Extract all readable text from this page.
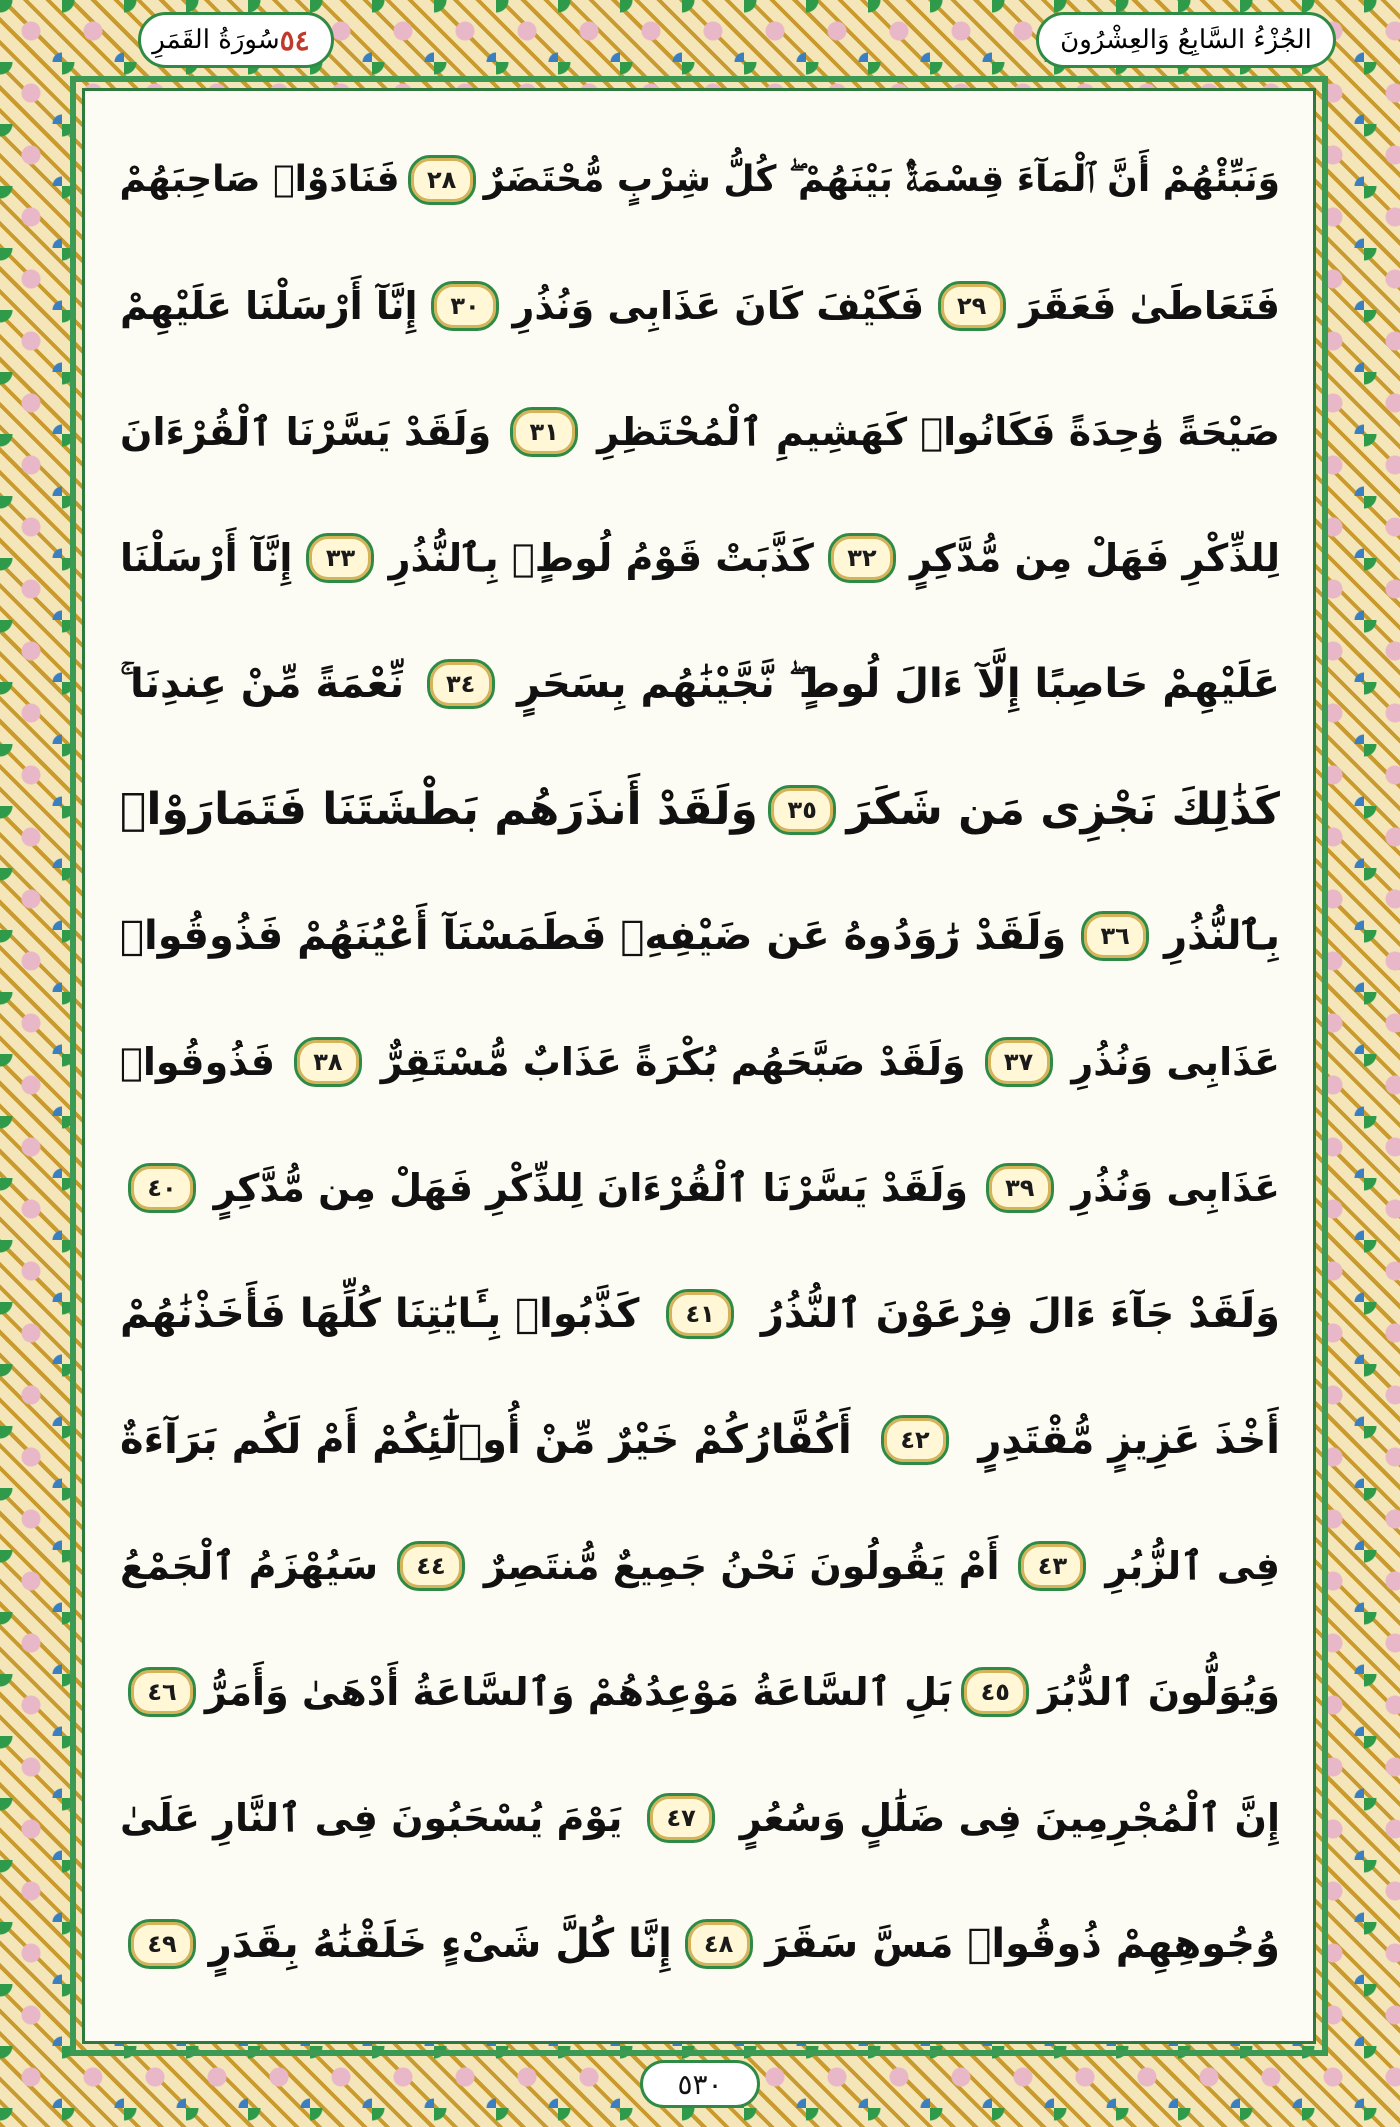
الجُزْءُ السَّابِعُ وَالعِشْرُونَ
سُورَةُ القَمَرِ ٥٤
وَنَبِّئْهُمْ أَنَّ ٱلْمَآءَ قِسْمَةٌۢ بَيْنَهُمْ ۖ كُلُّ شِرْبٍ مُّحْتَضَرٌ
٢٨
فَنَادَوْا۟ صَاحِبَهُمْ
فَتَعَاطَىٰ فَعَقَرَ
٢٩
فَكَيْفَ كَانَ عَذَابِى وَنُذُرِ
٣٠
إِنَّآ أَرْسَلْنَا عَلَيْهِمْ
صَيْحَةً وَٰحِدَةً فَكَانُوا۟ كَهَشِيمِ ٱلْمُحْتَظِرِ
٣١
وَلَقَدْ يَسَّرْنَا ٱلْقُرْءَانَ
لِلذِّكْرِ فَهَلْ مِن مُّدَّكِرٍ
٣٢
كَذَّبَتْ قَوْمُ لُوطٍۭ بِٱلنُّذُرِ
٣٣
إِنَّآ أَرْسَلْنَا
عَلَيْهِمْ حَاصِبًا إِلَّآ ءَالَ لُوطٍ ۖ نَّجَّيْنَٰهُم بِسَحَرٍ
٣٤
نِّعْمَةً مِّنْ عِندِنَا ۚ
كَذَٰلِكَ نَجْزِى مَن شَكَرَ
٣٥
وَلَقَدْ أَنذَرَهُم بَطْشَتَنَا فَتَمَارَوْا۟
بِٱلنُّذُرِ
٣٦
وَلَقَدْ رَٰوَدُوهُ عَن ضَيْفِهِۦ فَطَمَسْنَآ أَعْيُنَهُمْ فَذُوقُوا۟
عَذَابِى وَنُذُرِ
٣٧
وَلَقَدْ صَبَّحَهُم بُكْرَةً عَذَابٌ مُّسْتَقِرٌّ
٣٨
فَذُوقُوا۟
عَذَابِى وَنُذُرِ
٣٩
وَلَقَدْ يَسَّرْنَا ٱلْقُرْءَانَ لِلذِّكْرِ فَهَلْ مِن مُّدَّكِرٍ
٤٠
وَلَقَدْ جَآءَ ءَالَ فِرْعَوْنَ ٱلنُّذُرُ
٤١
كَذَّبُوا۟ بِـَٔايَٰتِنَا كُلِّهَا فَأَخَذْنَٰهُمْ
أَخْذَ عَزِيزٍ مُّقْتَدِرٍ
٤٢
أَكُفَّارُكُمْ خَيْرٌ مِّنْ أُو۟لَٰٓئِكُمْ أَمْ لَكُم بَرَآءَةٌ
فِى ٱلزُّبُرِ
٤٣
أَمْ يَقُولُونَ نَحْنُ جَمِيعٌ مُّنتَصِرٌ
٤٤
سَيُهْزَمُ ٱلْجَمْعُ
وَيُوَلُّونَ ٱلدُّبُرَ
٤٥
بَلِ ٱلسَّاعَةُ مَوْعِدُهُمْ وَٱلسَّاعَةُ أَدْهَىٰ وَأَمَرُّ
٤٦
إِنَّ ٱلْمُجْرِمِينَ فِى ضَلَٰلٍ وَسُعُرٍ
٤٧
يَوْمَ يُسْحَبُونَ فِى ٱلنَّارِ عَلَىٰ
وُجُوهِهِمْ ذُوقُوا۟ مَسَّ سَقَرَ
٤٨
إِنَّا كُلَّ شَىْءٍ خَلَقْنَٰهُ بِقَدَرٍ
٤٩
٥٣٠
